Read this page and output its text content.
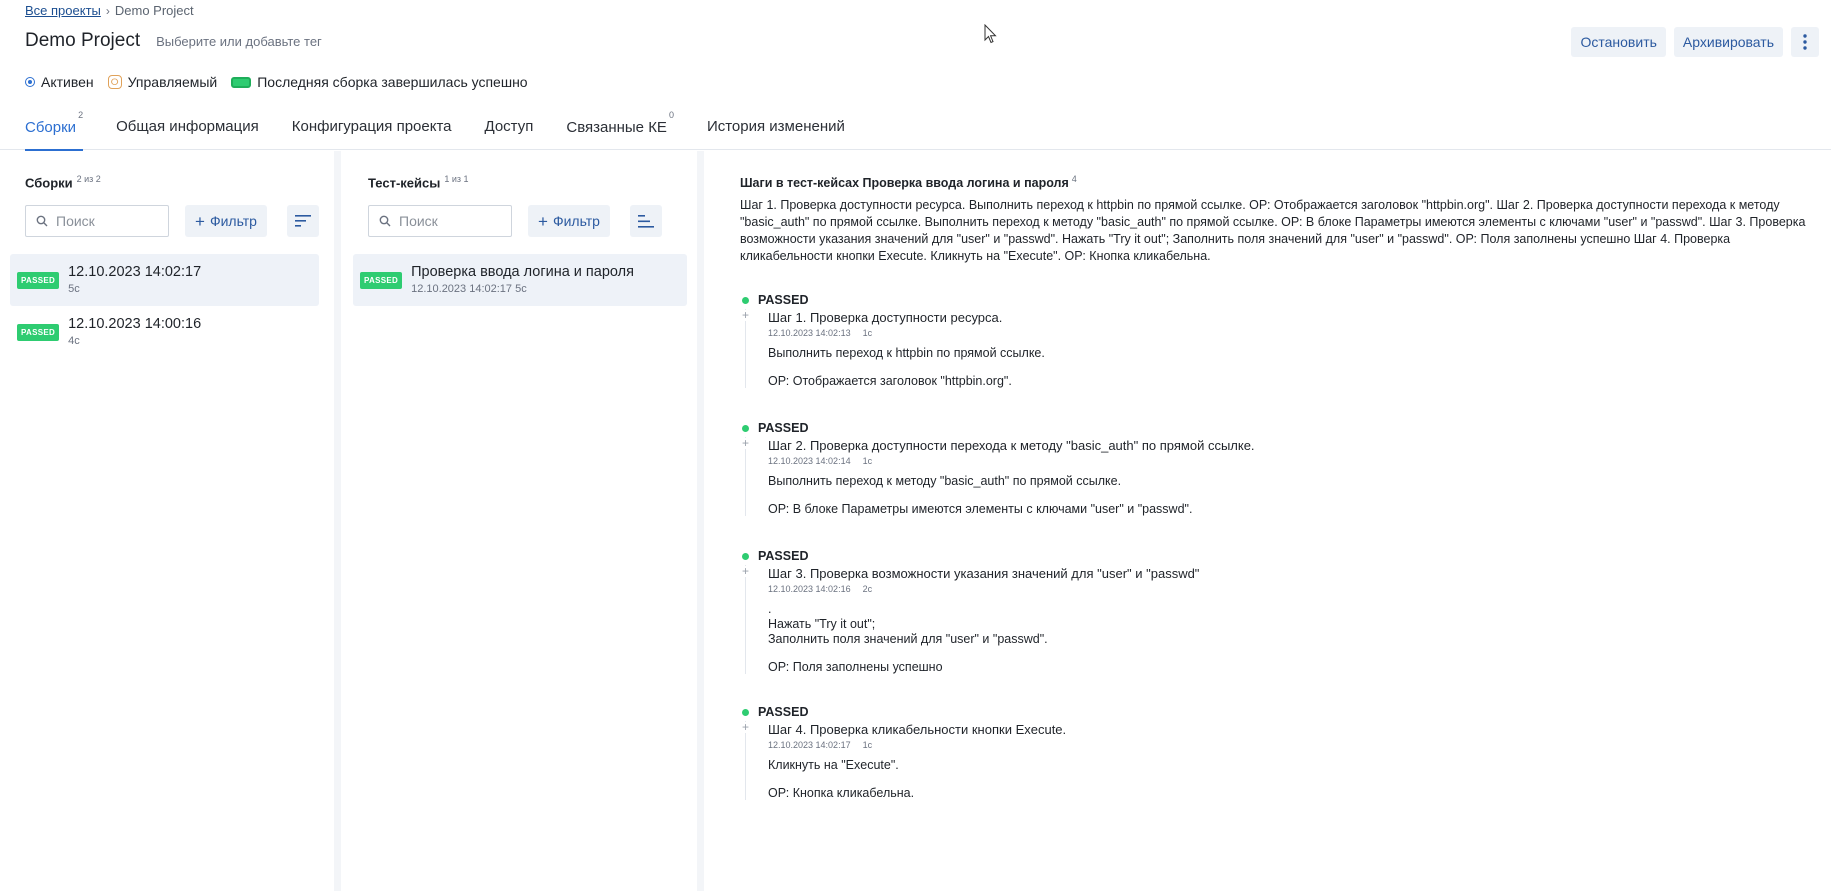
Все проекты › Demo Project
Demo Project Выберите или добавьте тег	Остановить	Архивировать
Активен	ⵔ Управляемый	Последняя сборка завершилась успешно
Сборки$^2$
Общая информация Конфигурация проекта Доступ Связанные $КЕ^0$
История изменений
Сборки $^{2 из 2}$
Поиск
+ Фильтр
PASSED
12.10.2023 14:02:17
5с
PASSED
12.10.2023 14:00:16
4с
Тест-кейсы $^{1 из 1}$
Поиск
+ Фильтр
PASSED
Проверка ввода логина и пароля
12.10.2023 14:02:17 5с
Шаги в тест-кейсах Проверка ввода логина и пароля $^4$
Шаг 1. Проверка доступности ресурса. Выполнить переход к httpbin по прямой ссылке. ОР: Отображается заголовок "httpbin.org". Шаг 2. Проверка доступности перехода к методу "basic_auth" по прямой ссылке. Выполнить переход к методу "basic_auth" по прямой ссылке. ОР: В блоке Параметры имеются элементы с ключами "user" и "passwd". Шаг 3. Проверка возможности указания значений для "user" и "passwd". Нажать "Try it out"; Заполнить поля значений для "user" и "passwd". ОР: Поля заполнены успешно Шаг 4. Проверка кликабельности кнопки Execute. Кликнуть на "Execute". ОР: Кнопка кликабельна.
PASSED
+ Шаг 1. Проверка доступности ресурса.
12.10.2023 14:02:13 1с
Выполнить переход к httpbin по прямой ссылке.
ОР: Отображается заголовок "httpbin.org".
PASSED
+ Шаг 2. Проверка доступности перехода к методу "basic_auth" по прямой ссылке.
12.10.2023 14:02:14 1с
Выполнить переход к методу "basic_auth" по прямой ссылке.
ОР: В блоке Параметры имеются элементы с ключами "user" и "passwd".
PASSED
+ Шаг 3. Проверка возможности указания значений для "user" и "passwd"
12.10.2023 14:02:16 2с
.
Нажать "Try it out";
Заполнить поля значений для "user" и "passwd".
ОР: Поля заполнены успешно
PASSED
+ Шаг 4. Проверка кликабельности кнопки Execute.
12.10.2023 14:02:17 1с
Кликнуть на "Execute".
ОР: Кнопка кликабельна.
